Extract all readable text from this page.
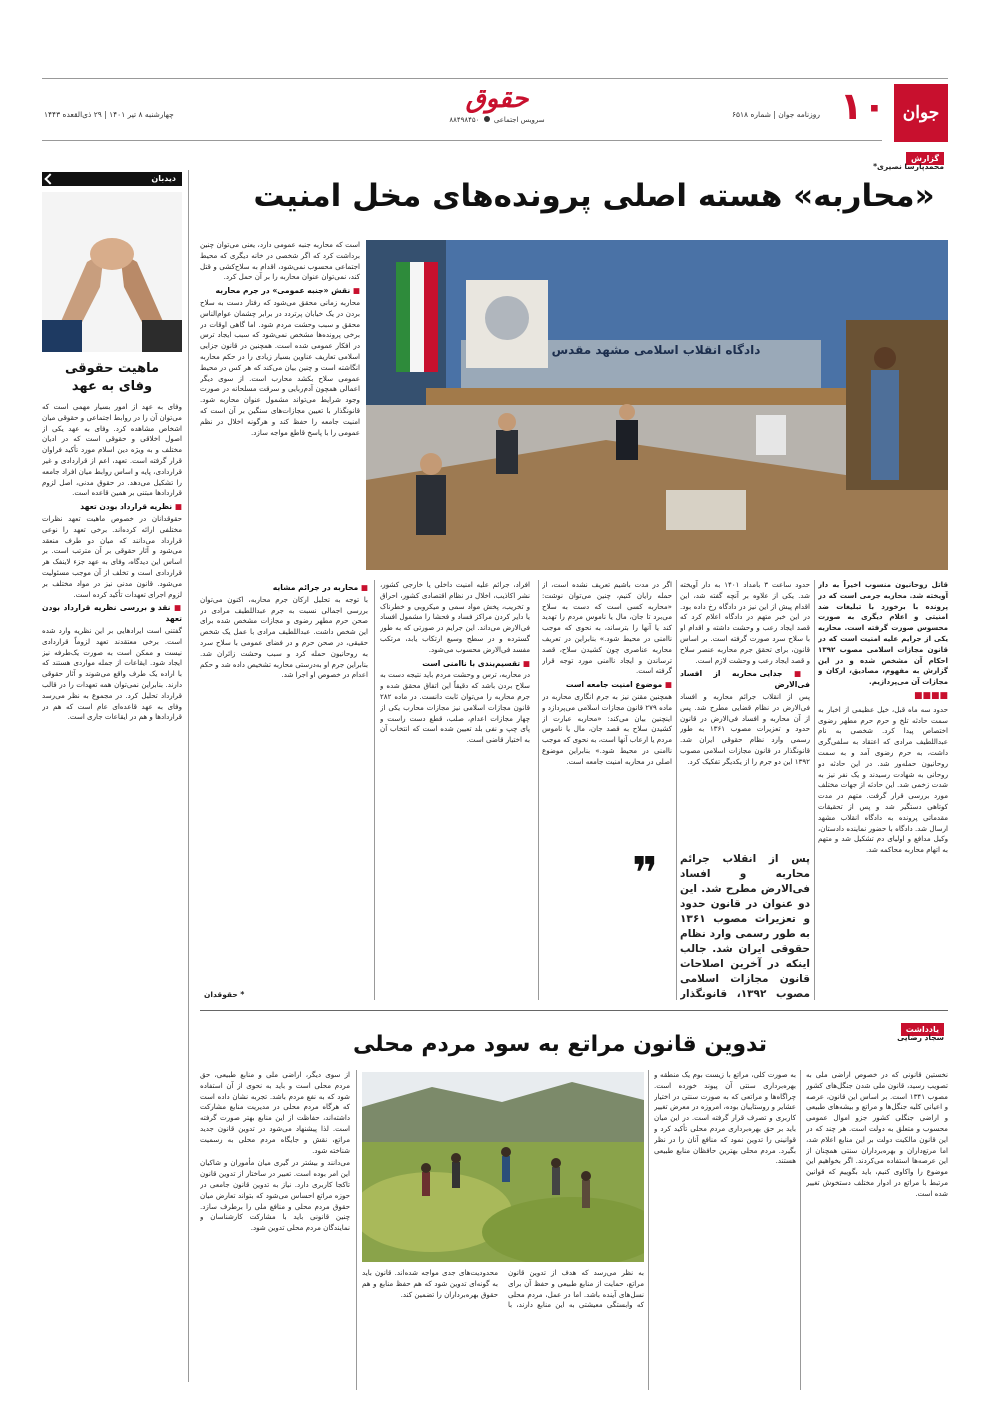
جوان
۱۰
روزنامه جوان | شماره ۶۵۱۸
حقوق
سرویس اجتماعی  ۸۸۴۹۸۴۵۰
چهارشنبه ۸ تیر ۱۴۰۱ | ۲۹ ذی‌القعده ۱۴۴۳
گزارش
محمدپارسا نصیری*
«محاربه» هسته اصلی پرونده‌های مخل امنیت
دادگاه انقلاب اسلامی مشهد مقدس

است که محاربه جنبه عمومی دارد، یعنی می‌توان چنین برداشت کرد که اگر شخصی در خانه دیگری که محیط اجتماعی محسوب نمی‌شود، اقدام به سلاح‌کشی و قتل کند، نمی‌توان عنوان محاربه را بر آن حمل کرد.

■ نقش «جنبه عمومی» در جرم محاربه

محاربه زمانی محقق می‌شود که رفتار دست به سلاح بردن در یک خیابان پرتردد در برابر چشمان عوام‌الناس محقق و سبب وحشت مردم شود. اما گاهی اوقات در برخی پرونده‌ها مشخص نمی‌شود که سبب ایجاد ترس در افکار عمومی شده است. همچنین در قانون جزایی اسلامی تعاریف عناوین بسیار زیادی را در حکم محاربه انگاشته است و چنین بیان می‌کند که هر کس در محیط عمومی سلاح بکشد محارب است. از سوی دیگر اعمالی همچون آدم‌ربایی و سرقت مسلحانه در صورت وجود شرایط می‌تواند مشمول عنوان محاربه شود. قانونگذار با تعیین مجازات‌های سنگین بر آن است که امنیت جامعه را حفظ کند و هرگونه اخلال در نظم عمومی را با پاسخ قاطع مواجه سازد.

قاتل روحانیون منسوب اخیراً به دار آویخته شد. محاربه جرمی است که در پرونده با برخورد با تبلیغات ضد امنیتی و اعلام دیگری به صورت محسوس صورت گرفته است. محاربه یکی از جرایم علیه امنیت است که در قانون مجازات اسلامی مصوب ۱۳۹۲ احکام آن مشخص شده و در این گزارش به مفهوم، مصادیق، ارکان و مجازات آن می‌پردازیم.

■■■■

حدود سه ماه قبل، خیل عظیمی از اخبار به سمت حادثه تلخ و حرم حرم مطهر رضوی اختصاص پیدا کرد. شخصی به نام عبداللطیف مرادی که اعتقاد به سلفی‌گری داشت، به حرم رضوی آمد و به سمت روحانیون حمله‌ور شد. در این حادثه دو روحانی به شهادت رسیدند و یک نفر نیز به شدت زخمی شد. این حادثه از جهات مختلف مورد بررسی قرار گرفت. متهم در مدت کوتاهی دستگیر شد و پس از تحقیقات مقدماتی پرونده به دادگاه انقلاب مشهد ارسال شد. دادگاه با حضور نماینده دادستان، وکیل مدافع و اولیای دم تشکیل شد و متهم به اتهام محاربه محاکمه شد.

حدود ساعت ۳ بامداد ۱۴۰۱ به دار آویخته شد. یکی از علاوه بر آنچه گفته شد، این اقدام پیش از این نیز در دادگاه رخ داده بود. در این خبر متهم در دادگاه اعلام کرد که قصد ایجاد رعب و وحشت داشته و اقدام او با سلاح سرد صورت گرفته است. بر اساس قانون، برای تحقق جرم محاربه عنصر سلاح و قصد ایجاد رعب و وحشت لازم است.

■ جدایی محاربه از افساد فی‌الارض

پس از انقلاب جرائم محاربه و افساد فی‌الارض در نظام قضایی مطرح شد. پس از آن محاربه و افساد فی‌الارض در قانون حدود و تعزیرات مصوب ۱۳۶۱ به طور رسمی وارد نظام حقوقی ایران شد. قانونگذار در قانون مجازات اسلامی مصوب ۱۳۹۲ این دو جرم را از یکدیگر تفکیک کرد.

اگر در مدت باشیم تعریف نشده است، از حمله رایان کنیم، چنین می‌توان نوشت: «محاربه کسی است که دست به سلاح می‌برد تا جان، مال یا ناموس مردم را تهدید کند یا آنها را بترساند، به نحوی که موجب ناامنی در محیط شود.» بنابراین در تعریف محاربه عناصری چون کشیدن سلاح، قصد ترساندن و ایجاد ناامنی مورد توجه قرار گرفته است.

■ موضوع امنیت جامعه است

همچنین مقنن نیز به جرم انگاری محاربه در ماده ۲۷۹ قانون مجازات اسلامی می‌پردازد و اینچنین بیان می‌کند: «محاربه عبارت از کشیدن سلاح به قصد جان، مال یا ناموس مردم یا ارعاب آنها است، به نحوی که موجب ناامنی در محیط شود.» بنابراین موضوع اصلی در محاربه امنیت جامعه است.

❞	پس از انقلاب جرائم محاربه و افساد فی‌الارض مطرح شد. این دو عنوان در قانون حدود و تعزیرات مصوب ۱۳۶۱ به طور رسمی وارد نظام حقوقی ایران شد. جالب اینکه در آخرین اصلاحات قانون مجازات اسلامی مصوب ۱۳۹۲، قانونگذار

افراد، جرائم علیه امنیت داخلی یا خارجی کشور، نشر اکاذیب، اخلال در نظام اقتصادی کشور، احراق و تخریب، پخش مواد سمی و میکروبی و خطرناک یا دایر کردن مراکز فساد و فحشا را مشمول افساد فی‌الارض می‌داند. این جرایم در صورتی که به طور گسترده و در سطح وسیع ارتکاب یابد، مرتکب مفسد فی‌الارض محسوب می‌شود.

■ تقسیم‌بندی با ناامنی است

در محاربه، ترس و وحشت مردم باید نتیجه دست به سلاح بردن باشد که دقیقاً این اتفاق محقق شده و جرم محاربه را می‌توان ثابت دانست. در ماده ۲۸۲ قانون مجازات اسلامی نیز مجازات محارب یکی از چهار مجازات اعدام، صلب، قطع دست راست و پای چپ و نفی بلد تعیین شده است که انتخاب آن به اختیار قاضی است.

■ محاربه در جرائم مشابه

با توجه به تحلیل ارکان جرم محاربه، اکنون می‌توان بررسی اجمالی نسبت به جرم عبداللطیف مرادی در صحن حرم مطهر رضوی و مجازات مشخص شده برای این شخص داشت. عبداللطیف مرادی با عمل یک شخص حقیقی، در صحن حرم و در فضای عمومی با سلاح سرد به روحانیون حمله کرد و سبب وحشت زائران شد. بنابراین جرم او به‌درستی محاربه تشخیص داده شد و حکم اعدام در خصوص او اجرا شد.

* حقوقدان
یادداشت
سجاد رضایی
تدوین قانون مراتع به سود مردم محلی

نخستین قانونی که در خصوص اراضی ملی به تصویب رسید، قانون ملی شدن جنگل‌های کشور مصوب ۱۳۴۱ است. بر اساس این قانون، عرصه و اعیانی کلیه جنگل‌ها و مراتع و بیشه‌های طبیعی و اراضی جنگلی کشور جزو اموال عمومی محسوب و متعلق به دولت است. هر چند که در این قانون مالکیت دولت بر این منابع اعلام شد، اما مرتع‌داران و بهره‌برداران سنتی همچنان از این عرصه‌ها استفاده می‌کردند. اگر بخواهیم این موضوع را واکاوی کنیم، باید بگوییم که قوانین مرتبط با مراتع در ادوار مختلف دستخوش تغییر شده است.

به صورت کلی، مراتع با زیست بوم یک منطقه و بهره‌برداری سنتی آن پیوند خورده است. چراگاه‌ها و مراتعی که به صورت سنتی در اختیار عشایر و روستاییان بوده، امروزه در معرض تغییر کاربری و تصرف قرار گرفته است. در این میان باید بر حق بهره‌برداری مردم محلی تأکید کرد و قوانینی را تدوین نمود که منافع آنان را در نظر بگیرد. مردم محلی بهترین حافظان منابع طبیعی هستند.

به نظر می‌رسد که هدف از تدوین قانون مراتع، حمایت از منابع طبیعی و حفظ آن برای نسل‌های آینده باشد. اما در عمل، مردم محلی که وابستگی معیشتی به این منابع دارند، با محدودیت‌های جدی مواجه شده‌اند. قانون باید به گونه‌ای تدوین شود که هم حفظ منابع و هم حقوق بهره‌برداران را تضمین کند.

از سوی دیگر، اراضی ملی و منابع طبیعی، حق مردم محلی است و باید به نحوی از آن استفاده شود که به نفع مردم باشد. تجربه نشان داده است که هرگاه مردم محلی در مدیریت منابع مشارکت داشته‌اند، حفاظت از این منابع بهتر صورت گرفته است. لذا پیشنهاد می‌شود در تدوین قانون جدید مراتع، نقش و جایگاه مردم محلی به رسمیت شناخته شود.

می‌دانند و بیشتر در گیری میان مأموران و شاکیان این امر بوده است. تعبیر در ساختار از تدوین قانون تاکجا کاربری دارد. نیاز به تدوین قانون جامعی در حوزه مراتع احساس می‌شود که بتواند تعارض میان حقوق مردم محلی و منافع ملی را برطرف سازد. چنین قانونی باید با مشارکت کارشناسان و نمایندگان مردم محلی تدوین شود.

دیدبان
ماهیت حقوقی
وفای به عهد

وفای به عهد از امور بسیار مهمی است که می‌توان آن را در روابط اجتماعی و حقوقی میان اشخاص مشاهده کرد. وفای به عهد یکی از اصول اخلاقی و حقوقی است که در ادیان مختلف و به ویژه دین اسلام مورد تأکید فراوان قرار گرفته است. تعهد، اعم از قراردادی و غیر قراردادی، پایه و اساس روابط میان افراد جامعه را تشکیل می‌دهد. در حقوق مدنی، اصل لزوم قراردادها مبتنی بر همین قاعده است.

■ نظریه قرارداد بودن تعهد

حقوقدانان در خصوص ماهیت تعهد نظرات مختلفی ارائه کرده‌اند. برخی تعهد را نوعی قرارداد می‌دانند که میان دو طرف منعقد می‌شود و آثار حقوقی بر آن مترتب است. بر اساس این دیدگاه، وفای به عهد جزء لاینفک هر قراردادی است و تخلف از آن موجب مسئولیت می‌شود. قانون مدنی نیز در مواد مختلف بر لزوم اجرای تعهدات تأکید کرده است.

■ نقد و بررسی نظریه قرارداد بودن تعهد

گفتنی است ایرادهایی بر این نظریه وارد شده است. برخی معتقدند تعهد لزوماً قراردادی نیست و ممکن است به صورت یک‌طرفه نیز ایجاد شود. ایقاعات از جمله مواردی هستند که با اراده یک طرف واقع می‌شوند و آثار حقوقی دارند. بنابراین نمی‌توان همه تعهدات را در قالب قرارداد تحلیل کرد. در مجموع به نظر می‌رسد وفای به عهد قاعده‌ای عام است که هم در قراردادها و هم در ایقاعات جاری است.
